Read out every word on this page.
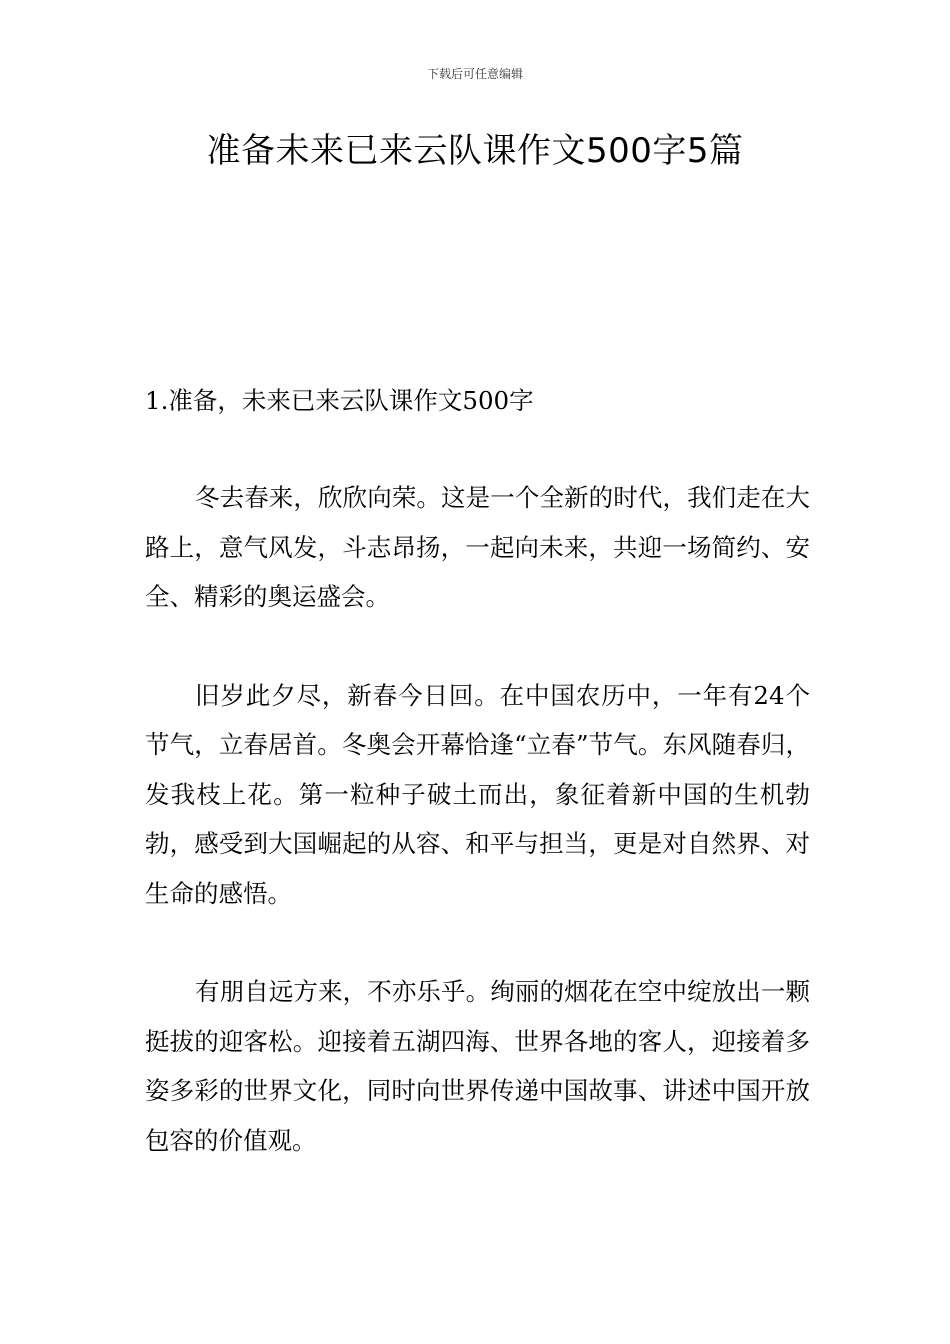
下载后可任意编辑
准备未来已来云队课作文500字5篇

1.准备，未来已来云队课作文500字

冬去春来，欣欣向荣。这是一个全新的时代，我们走在大路上，意气风发，斗志昂扬，一起向未来，共迎一场简约、安全、精彩的奥运盛会。

旧岁此夕尽，新春今日回。在中国农历中，一年有24个节气，立春居首。冬奥会开幕恰逢“立春”节气。东风随春归，发我枝上花。第一粒种子破土而出，象征着新中国的生机勃勃，感受到大国崛起的从容、和平与担当，更是对自然界、对生命的感悟。

有朋自远方来，不亦乐乎。绚丽的烟花在空中绽放出一颗挺拔的迎客松。迎接着五湖四海、世界各地的客人，迎接着多姿多彩的世界文化，同时向世界传递中国故事、讲述中国开放包容的价值观。
